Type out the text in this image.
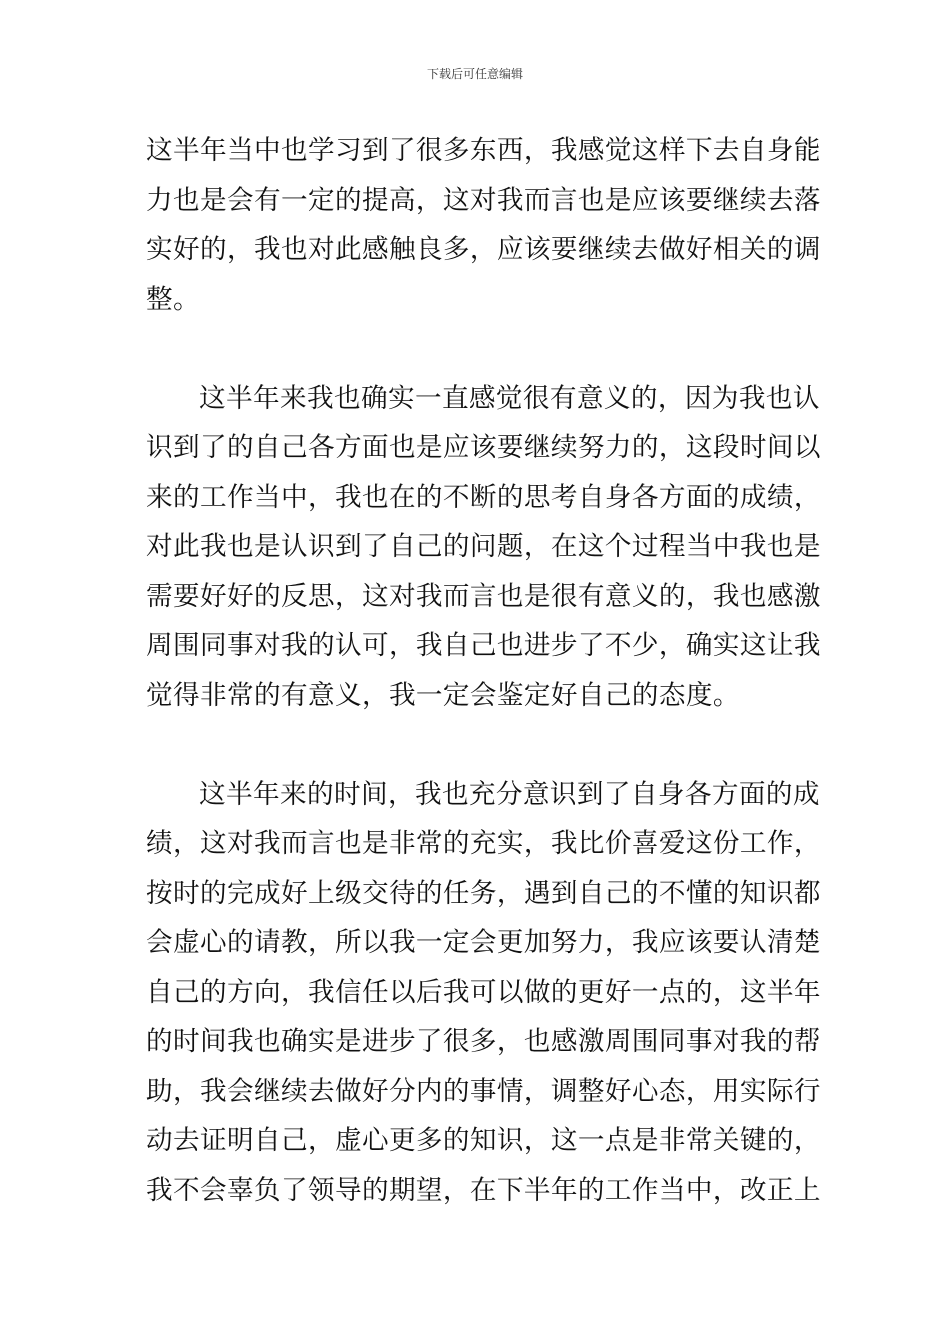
下载后可任意编辑
这半年当中也学习到了很多东西，我感觉这样下去自身能
力也是会有一定的提高，这对我而言也是应该要继续去落
实好的，我也对此感触良多，应该要继续去做好相关的调
整。
这半年来我也确实一直感觉很有意义的，因为我也认
识到了的自己各方面也是应该要继续努力的，这段时间以
来的工作当中，我也在的不断的思考自身各方面的成绩，
对此我也是认识到了自己的问题，在这个过程当中我也是
需要好好的反思，这对我而言也是很有意义的，我也感激
周围同事对我的认可，我自己也进步了不少，确实这让我
觉得非常的有意义，我一定会鉴定好自己的态度。
这半年来的时间，我也充分意识到了自身各方面的成
绩，这对我而言也是非常的充实，我比价喜爱这份工作，
按时的完成好上级交待的任务，遇到自己的不懂的知识都
会虚心的请教，所以我一定会更加努力，我应该要认清楚
自己的方向，我信任以后我可以做的更好一点的，这半年
的时间我也确实是进步了很多，也感激周围同事对我的帮
助，我会继续去做好分内的事情，调整好心态，用实际行
动去证明自己，虚心更多的知识，这一点是非常关键的，
我不会辜负了领导的期望，在下半年的工作当中，改正上
